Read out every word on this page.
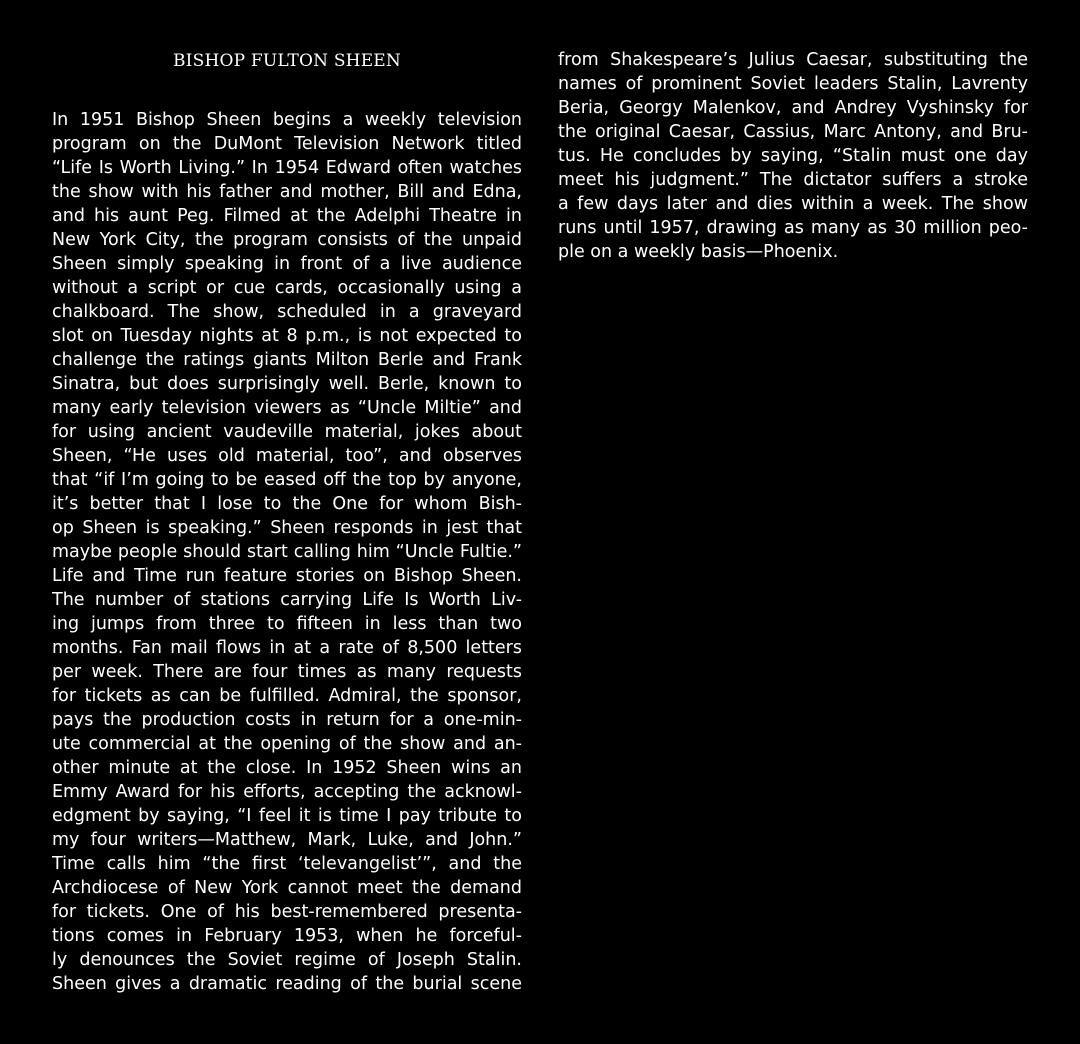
BISHOP FULTON SHEEN
In 1951 Bishop Sheen begins a weekly television
program on the DuMont Television Network titled
“Life Is Worth Living.” In 1954 Edward often watches
the show with his father and mother, Bill and Edna,
and his aunt Peg. Filmed at the Adelphi Theatre in
New York City, the program consists of the unpaid
Sheen simply speaking in front of a live audience
without a script or cue cards, occasionally using a
chalkboard. The show, scheduled in a graveyard
slot on Tuesday nights at 8 p.m., is not expected to
challenge the ratings giants Milton Berle and Frank
Sinatra, but does surprisingly well. Berle, known to
many early television viewers as “Uncle Miltie” and
for using ancient vaudeville material, jokes about
Sheen, “He uses old material, too”, and observes
that “if I’m going to be eased off the top by anyone,
it’s better that I lose to the One for whom Bish-
op Sheen is speaking.” Sheen responds in jest that
maybe people should start calling him “Uncle Fultie.”
Life and Time run feature stories on Bishop Sheen.
The number of stations carrying Life Is Worth Liv-
ing jumps from three to fifteen in less than two
months. Fan mail flows in at a rate of 8,500 letters
per week. There are four times as many requests
for tickets as can be fulfilled. Admiral, the sponsor,
pays the production costs in return for a one-min-
ute commercial at the opening of the show and an-
other minute at the close. In 1952 Sheen wins an
Emmy Award for his efforts, accepting the acknowl-
edgment by saying, “I feel it is time I pay tribute to
my four writers—Matthew, Mark, Luke, and John.”
Time calls him “the first ‘televangelist’”, and the
Archdiocese of New York cannot meet the demand
for tickets. One of his best-remembered presenta-
tions comes in February 1953, when he forceful-
ly denounces the Soviet regime of Joseph Stalin.
Sheen gives a dramatic reading of the burial scene
from Shakespeare’s Julius Caesar, substituting the
names of prominent Soviet leaders Stalin, Lavrenty
Beria, Georgy Malenkov, and Andrey Vyshinsky for
the original Caesar, Cassius, Marc Antony, and Bru-
tus. He concludes by saying, “Stalin must one day
meet his judgment.” The dictator suffers a stroke
a few days later and dies within a week. The show
runs until 1957, drawing as many as 30 million peo-
ple on a weekly basis—Phoenix.
